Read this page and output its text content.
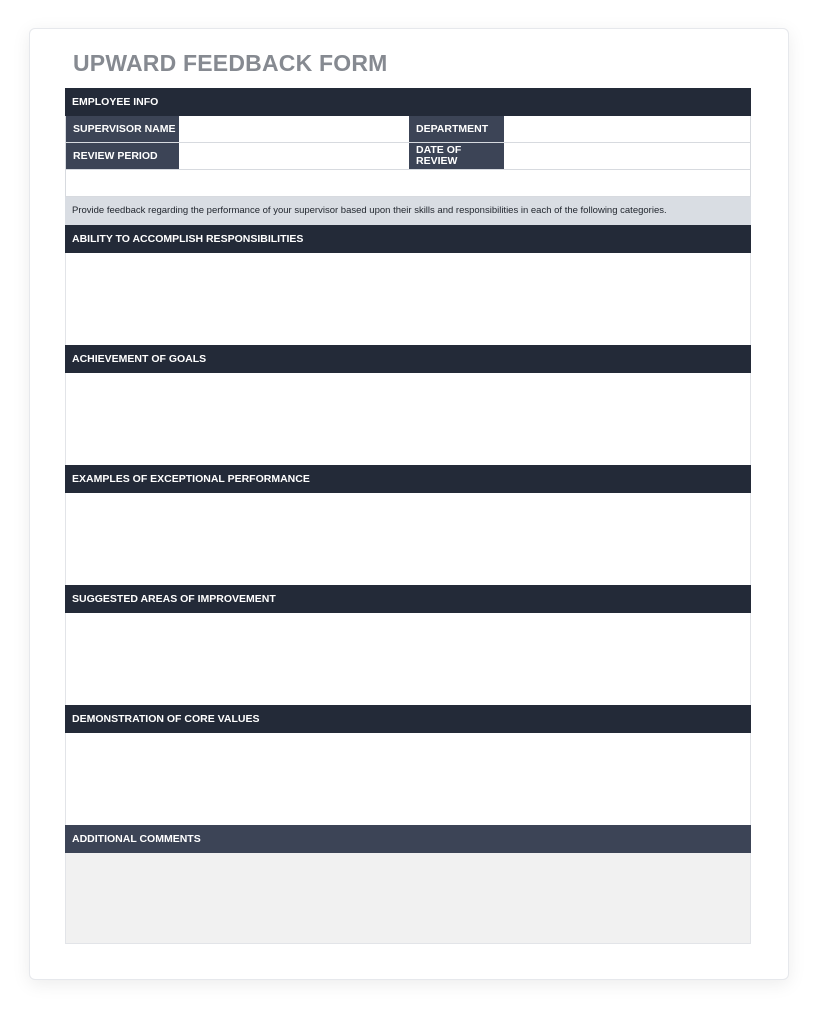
UPWARD FEEDBACK FORM
EMPLOYEE INFO
SUPERVISOR NAME	DEPARTMENT
REVIEW PERIOD	DATE OF REVIEW
Provide feedback regarding the performance of your supervisor based upon their skills and responsibilities in each of the following categories.
ABILITY TO ACCOMPLISH RESPONSIBILITIES
ACHIEVEMENT OF GOALS
EXAMPLES OF EXCEPTIONAL PERFORMANCE
SUGGESTED AREAS OF IMPROVEMENT
DEMONSTRATION OF CORE VALUES
ADDITIONAL COMMENTS
